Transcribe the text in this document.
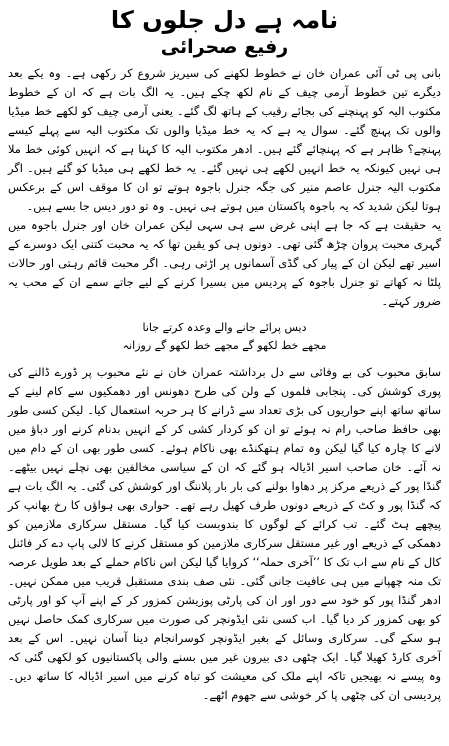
نامہ ہے دل جلوں کا
رفیع صحرائی

بانی پی ٹی آئی عمران خان نے خطوط لکھنے کی سیریز شروع کر رکھی ہے۔ وہ یکے بعد دیگرے تین خطوط آرمی چیف کے نام لکھ چکے ہیں۔ یہ الگ بات ہے کہ ان کے خطوط مکتوب الیہ کو پہنچنے کی بجائے رقیب کے ہاتھ لگ گئے۔ یعنی آرمی چیف کو لکھے خط میڈیا والوں تک پہنچ گئے۔ سوال یہ ہے کہ یہ خط میڈیا والوں تک مکتوب الیہ سے پہلے کیسے پہنچے؟ ظاہر ہے کہ پہنچائے گئے ہیں۔ ادھر مکتوب الیہ کا کہنا ہے کہ انہیں کوئی خط ملا ہی نہیں کیونکہ یہ خط انہیں لکھے ہی نہیں گئے۔ یہ خط لکھے ہی میڈیا کو گئے ہیں۔ اگر مکتوب الیہ جنرل عاصم منیر کی جگہ جنرل باجوہ ہوتے تو ان کا موقف اس کے برعکس ہوتا لیکن شدید کہ یہ باجوہ پاکستان میں ہوتے ہی نہیں۔ وہ تو دور دیس جا بسے ہیں۔

یہ حقیقت ہے کہ جا ہے اپنی غرض سے ہی سہی لیکن عمران خان اور جنرل باجوہ میں گہری محبت پروان چڑھ گئی تھی۔ دونوں ہی کو یقین تھا کہ یہ محبت کتنی ایک دوسرے کے اسیر تھے لیکن ان کے پیار کی گڈی آسمانوں پر اڑتی رہی۔ اگر محبت قائم رہتی اور حالات پلٹا نہ کھاتے تو جنرل باجوہ کے پردیس میں بسیرا کرنے کے لیے جاتے سمے ان کے محب یہ ضرور کہتے۔

دیس پرائے جانے والے وعدہ کرتے جانا
مجھے خط لکھو گے مجھے خط لکھو گے روزانہ

سابق محبوب کی بے وفائی سے دل برداشتہ عمران خان نے نئے محبوب پر ڈورے ڈالنے کی پوری کوشش کی۔ پنجابی فلموں کے ولن کی طرح دھونس اور دھمکیوں سے کام لینے کے ساتھ ساتھ اپنے حواریوں کی بڑی تعداد سے ڈرانے کا ہر حربہ استعمال کیا۔ لیکن کسی طور بھی حافظ صاحب رام نہ ہوئے تو ان کو کردار کشی کر کے انہیں بدنام کرنے اور دباؤ میں لانے کا چارہ کیا گیا لیکن وہ تمام ہتھکنڈے بھی ناکام ہوئے۔ کسی طور بھی ان کے دام میں نہ آئے۔ خان صاحب اسیر اڈیالہ ہو گئے کہ ان کے سیاسی مخالفین بھی نچلے نہیں بیٹھے۔ گنڈا پور کے ذریعے مرکز پر دھاوا بولنے کی بار بار پلاننگ اور کوشش کی گئی۔ یہ الگ بات ہے کہ گنڈا پور و کٹ کے ذریعے دونوں طرف کھیل رہے تھے۔ حواری بھی ہواؤں کا رخ بھانپ کر پیچھے ہٹ گئے۔ تب کرائے کے لوگوں کا بندوبست کیا گیا۔ مستقل سرکاری ملازمین کو دھمکی کے ذریعے اور غیر مستقل سرکاری ملازمین کو مستقل کرنے کا لالی پاپ دے کر فائنل کال کے نام سے اب تک کا ’’آخری حملہ‘‘ کروایا گیا لیکن اس ناکام حملے کے بعد طویل عرصہ تک منہ چھپانے میں ہی عافیت جانی گئی۔ نئی صف بندی مستقبل قریب میں ممکن نہیں۔ ادھر گنڈا پور کو خود سے دور اور ان کی پارٹی پوزیشن کمزور کر کے اپنے آپ کو اور پارٹی کو بھی کمزور کر دیا گیا۔ اب کسی نئی ایڈونچر کی صورت میں سرکاری کمک حاصل نہیں ہو سکے گی۔ سرکاری وسائل کے بغیر ایڈونچر کوسرانجام دینا آسان نہیں۔ اس کے بعد آخری کارڈ کھیلا گیا۔ ایک چٹھی دی بیرون غیر میں بسنے والی پاکستانیوں کو لکھی گئی کہ وہ پیسے نہ بھیجیں تاکہ اپنے ملک کی معیشت کو تباہ کرنے میں اسیر اڈیالہ کا ساتھ دیں۔ پردیسی ان کی چٹھی پا کر خوشی سے جھوم اٹھے۔
